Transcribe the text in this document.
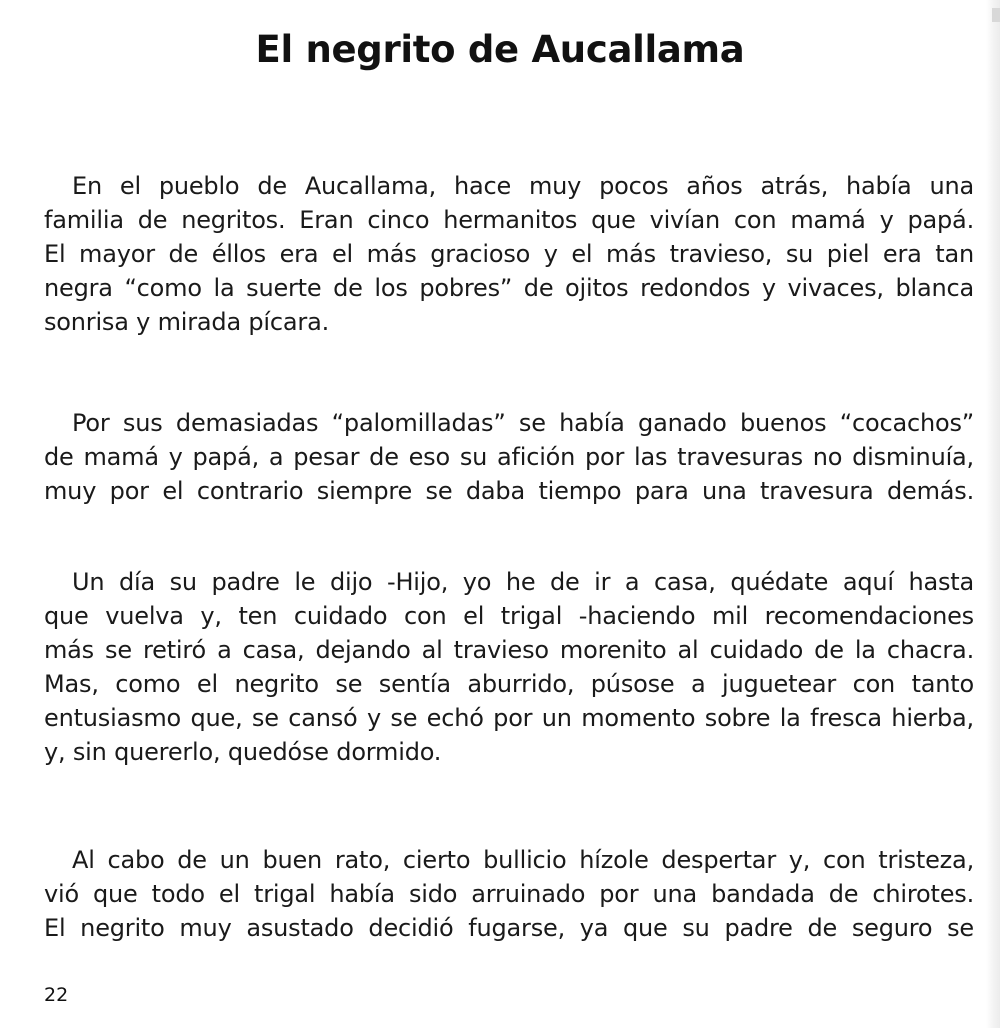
El negrito de Aucallama
En el pueblo de Aucallama, hace muy pocos años atrás, había una
familia de negritos. Eran cinco hermanitos que vivían con mamá y papá.
El mayor de éllos era el más gracioso y el más travieso, su piel era tan
negra “como la suerte de los pobres” de ojitos redondos y vivaces, blanca
sonrisa y mirada pícara.
Por sus demasiadas “palomilladas” se había ganado buenos “cocachos”
de mamá y papá, a pesar de eso su afición por las travesuras no disminuía,
muy por el contrario siempre se daba tiempo para una travesura demás.
Un día su padre le dijo -Hijo, yo he de ir a casa, quédate aquí hasta
que vuelva y, ten cuidado con el trigal -haciendo mil recomendaciones
más se retiró a casa, dejando al travieso morenito al cuidado de la chacra.
Mas, como el negrito se sentía aburrido, púsose a juguetear con tanto
entusiasmo que, se cansó y se echó por un momento sobre la fresca hierba,
y, sin quererlo, quedóse dormido.
Al cabo de un buen rato, cierto bullicio hízole despertar y, con tristeza,
vió que todo el trigal había sido arruinado por una bandada de chirotes.
El negrito muy asustado decidió fugarse, ya que su padre de seguro se
22
